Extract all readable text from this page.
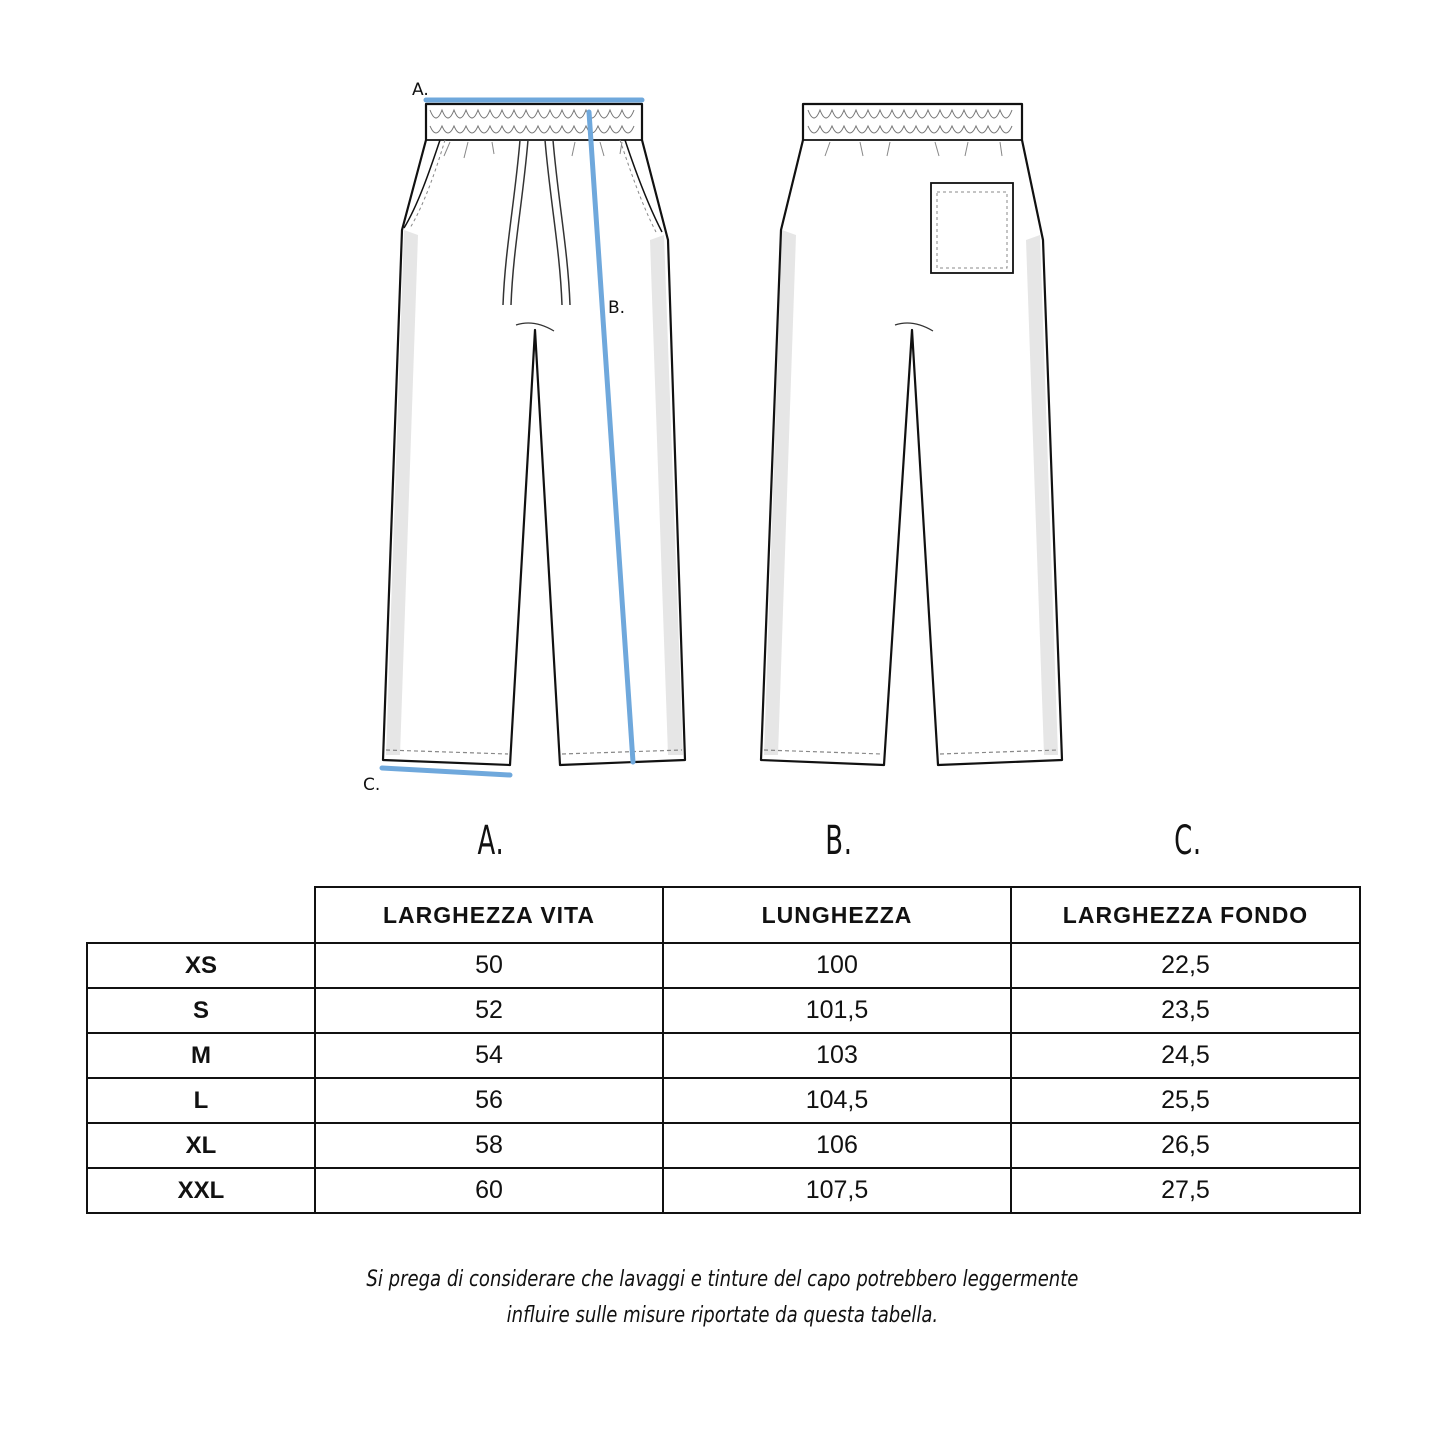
A.
B.
C.
A.	B.	C.
	LARGHEZZA VITA	LUNGHEZZA	LARGHEZZA FONDO
XS	50	100	22,5
S	52	101,5	23,5
M	54	103	24,5
L	56	104,5	25,5
XL	58	106	26,5
XXL	60	107,5	27,5
Si prega di considerare che lavaggi e tinture del capo potrebbero leggermente
influire sulle misure riportate da questa tabella.
